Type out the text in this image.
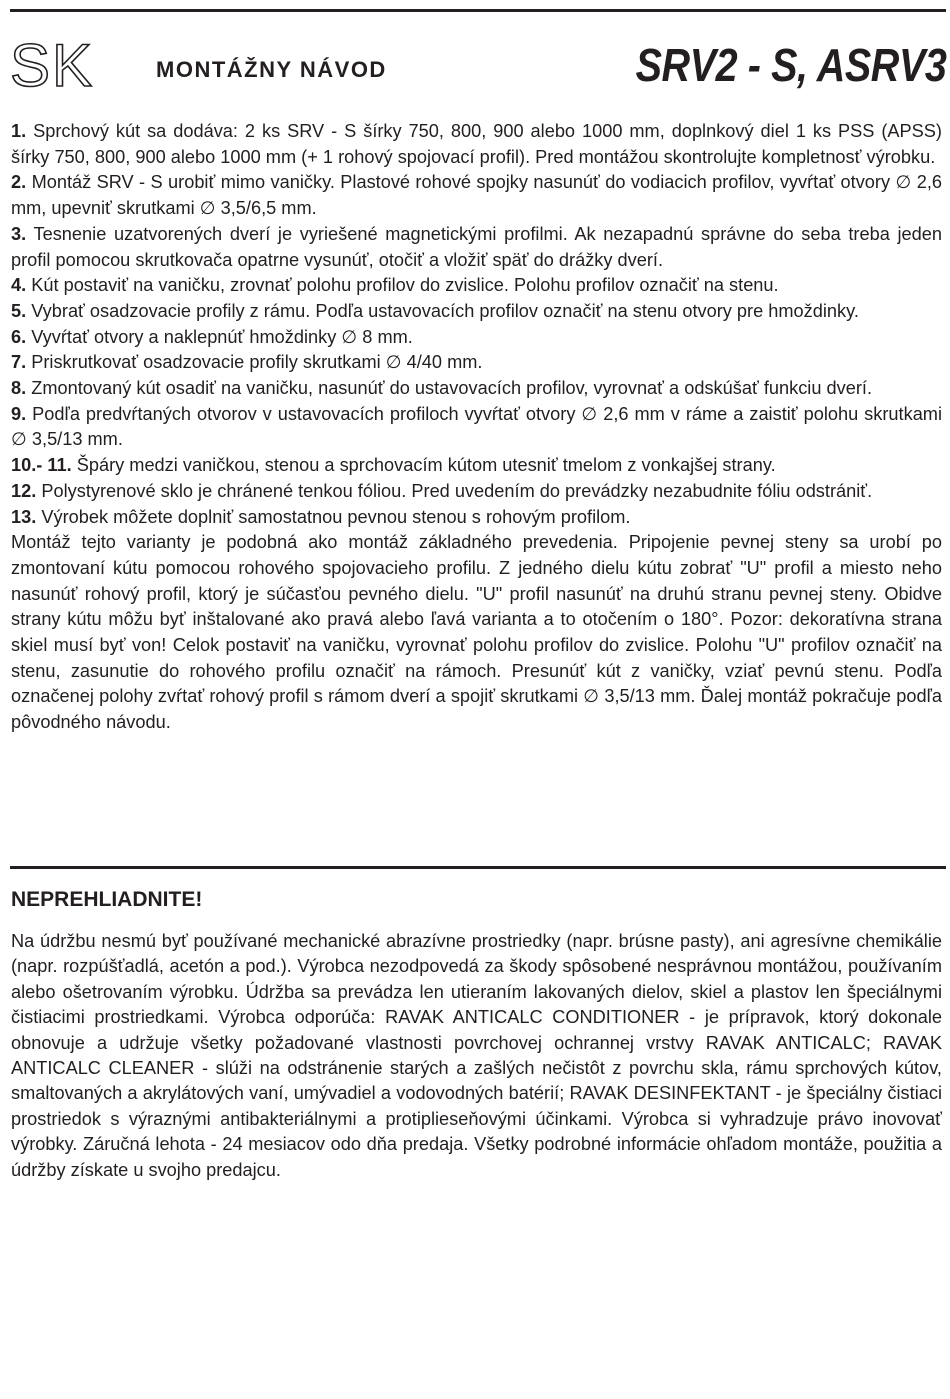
SK	MONTÁŽNY NÁVOD	SRV2 - S, ASRV3

1. Sprchový kút sa dodáva: 2 ks SRV - S šírky 750, 800, 900 alebo 1000 mm, doplnkový diel 1 ks PSS (APSS) šírky 750, 800, 900 alebo 1000 mm (+ 1 rohový spojovací profil). Pred montážou skontrolujte kompletnosť výrobku.

2. Montáž SRV - S urobiť mimo vaničky. Plastové rohové spojky nasunúť do vodiacich profilov, vyvŕtať otvory ∅ 2,6 mm, upevniť skrutkami ∅ 3,5/6,5 mm.

3. Tesnenie uzatvorených dverí je vyriešené magnetickými profilmi. Ak nezapadnú správne do seba treba jeden profil pomocou skrutkovača opatrne vysunúť, otočiť a vložiť späť do drážky dverí.

4. Kút postaviť na vaničku, zrovnať polohu profilov do zvislice. Polohu profilov označiť na stenu.

5. Vybrať osadzovacie profily z rámu. Podľa ustavovacích profilov označiť na stenu otvory pre hmoždinky.

6. Vyvŕtať otvory a naklepnúť hmoždinky ∅ 8 mm.

7. Priskrutkovať osadzovacie profily skrutkami ∅ 4/40 mm.

8. Zmontovaný kút osadiť na vaničku, nasunúť do ustavovacích profilov, vyrovnať a odskúšať funkciu dverí.

9. Podľa predvŕtaných otvorov v ustavovacích profiloch vyvŕtať otvory ∅ 2,6 mm v ráme a zaistiť polohu skrutkami ∅ 3,5/13 mm.

10.- 11. Špáry medzi vaničkou, stenou a sprchovacím kútom utesniť tmelom z vonkajšej strany.

12. Polystyrenové sklo je chránené tenkou fóliou. Pred uvedením do prevádzky nezabudnite fóliu odstrániť.

13. Výrobek môžete doplniť samostatnou pevnou stenou s rohovým profilom.

Montáž tejto varianty je podobná ako montáž základného prevedenia. Pripojenie pevnej steny sa urobí po zmontovaní kútu pomocou rohového spojovacieho profilu. Z jedného dielu kútu zobrať "U" profil a miesto neho nasunúť rohový profil, ktorý je súčasťou pevného dielu. "U" profil nasunúť na druhú stranu pevnej steny. Obidve strany kútu môžu byť inštalované ako pravá alebo ľavá varianta a to otočením o 180°. Pozor: dekoratívna strana skiel musí byť von! Celok postaviť na vaničku, vyrovnať polohu profilov do zvislice. Polohu "U" profilov označiť na stenu, zasunutie do rohového profilu označiť na rámoch. Presunúť kút z vaničky, vziať pevnú stenu. Podľa označenej polohy zvŕtať rohový profil s rámom dverí a spojiť skrutkami ∅ 3,5/13 mm. Ďalej montáž pokračuje podľa pôvodného návodu.

NEPREHLIADNITE!
Na údržbu nesmú byť používané mechanické abrazívne prostriedky (napr. brúsne pasty), ani agresívne chemikálie (napr. rozpúšťadlá, acetón a pod.). Výrobca nezodpovedá za škody spôsobené nesprávnou montážou, používaním alebo ošetrovaním výrobku. Údržba sa prevádza len utieraním lakovaných dielov, skiel a plastov len špeciálnymi čistiacimi prostriedkami. Výrobca odporúča: RAVAK ANTICALC CONDITIONER - je prípravok, ktorý dokonale obnovuje a udržuje všetky požadované vlastnosti povrchovej ochrannej vrstvy RAVAK ANTICALC; RAVAK ANTICALC CLEANER - slúži na odstránenie starých a zašlých nečistôt z povrchu skla, rámu sprchových kútov, smaltovaných a akrylátových vaní, umývadiel a vodovodných batérií; RAVAK DESINFEKTANT - je špeciálny čistiaci prostriedok s výraznými antibakteriálnymi a protiplieseňovými účinkami. Výrobca si vyhradzuje právo inovovať výrobky. Záručná lehota - 24 mesiacov odo dňa predaja. Všetky podrobné informácie ohľadom montáže, použitia a údržby získate u svojho predajcu.
